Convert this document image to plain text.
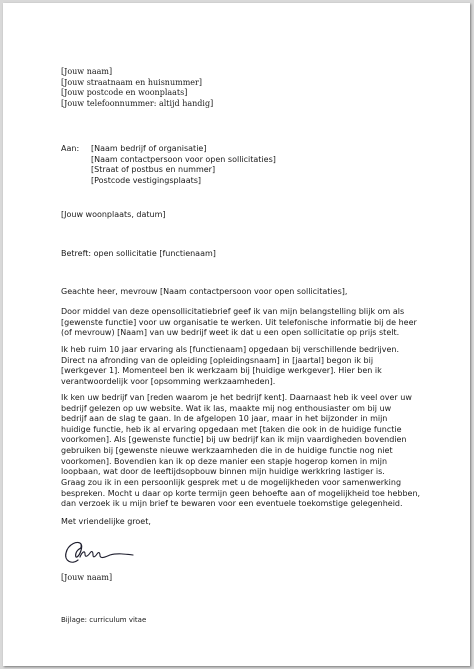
[Jouw naam]
[Jouw straatnaam en huisnummer]
[Jouw postcode en woonplaats]
[Jouw telefoonnummer: altijd handig]

Aan: [Naam bedrijf of organisatie]
[Naam contactpersoon voor open sollicitaties]
[Straat of postbus en nummer]
[Postcode vestigingsplaats]

[Jouw woonplaats, datum]

Betreft: open sollicitatie [functienaam]

Geachte heer, mevrouw [Naam contactpersoon voor open sollicitaties],

Door middel van deze opensollicitatiebrief geef ik van mijn belangstelling blijk om als
[gewenste functie] voor uw organisatie te werken. Uit telefonische informatie bij de heer
(of mevrouw) [Naam] van uw bedrijf weet ik dat u een open sollicitatie op prijs stelt.

Ik heb ruim 10 jaar ervaring als [functienaam] opgedaan bij verschillende bedrijven.
Direct na afronding van de opleiding [opleidingsnaam] in [jaartal] begon ik bij
[werkgever 1]. Momenteel ben ik werkzaam bij [huidige werkgever]. Hier ben ik
verantwoordelijk voor [opsomming werkzaamheden].

Ik ken uw bedrijf van [reden waarom je het bedrijf kent]. Daarnaast heb ik veel over uw
bedrijf gelezen op uw website. Wat ik las, maakte mij nog enthousiaster om bij uw
bedrijf aan de slag te gaan. In de afgelopen 10 jaar, maar in het bijzonder in mijn
huidige functie, heb ik al ervaring opgedaan met [taken die ook in de huidige functie
voorkomen]. Als [gewenste functie] bij uw bedrijf kan ik mijn vaardigheden bovendien
gebruiken bij [gewenste nieuwe werkzaamheden die in de huidige functie nog niet
voorkomen]. Bovendien kan ik op deze manier een stapje hogerop komen in mijn
loopbaan, wat door de leeftijdsopbouw binnen mijn huidige werkkring lastiger is.

Graag zou ik in een persoonlijk gesprek met u de mogelijkheden voor samenwerking
bespreken. Mocht u daar op korte termijn geen behoefte aan of mogelijkheid toe hebben,
dan verzoek ik u mijn brief te bewaren voor een eventuele toekomstige gelegenheid.

Met vriendelijke groet,

[Jouw naam]

Bijlage: curriculum vitae
